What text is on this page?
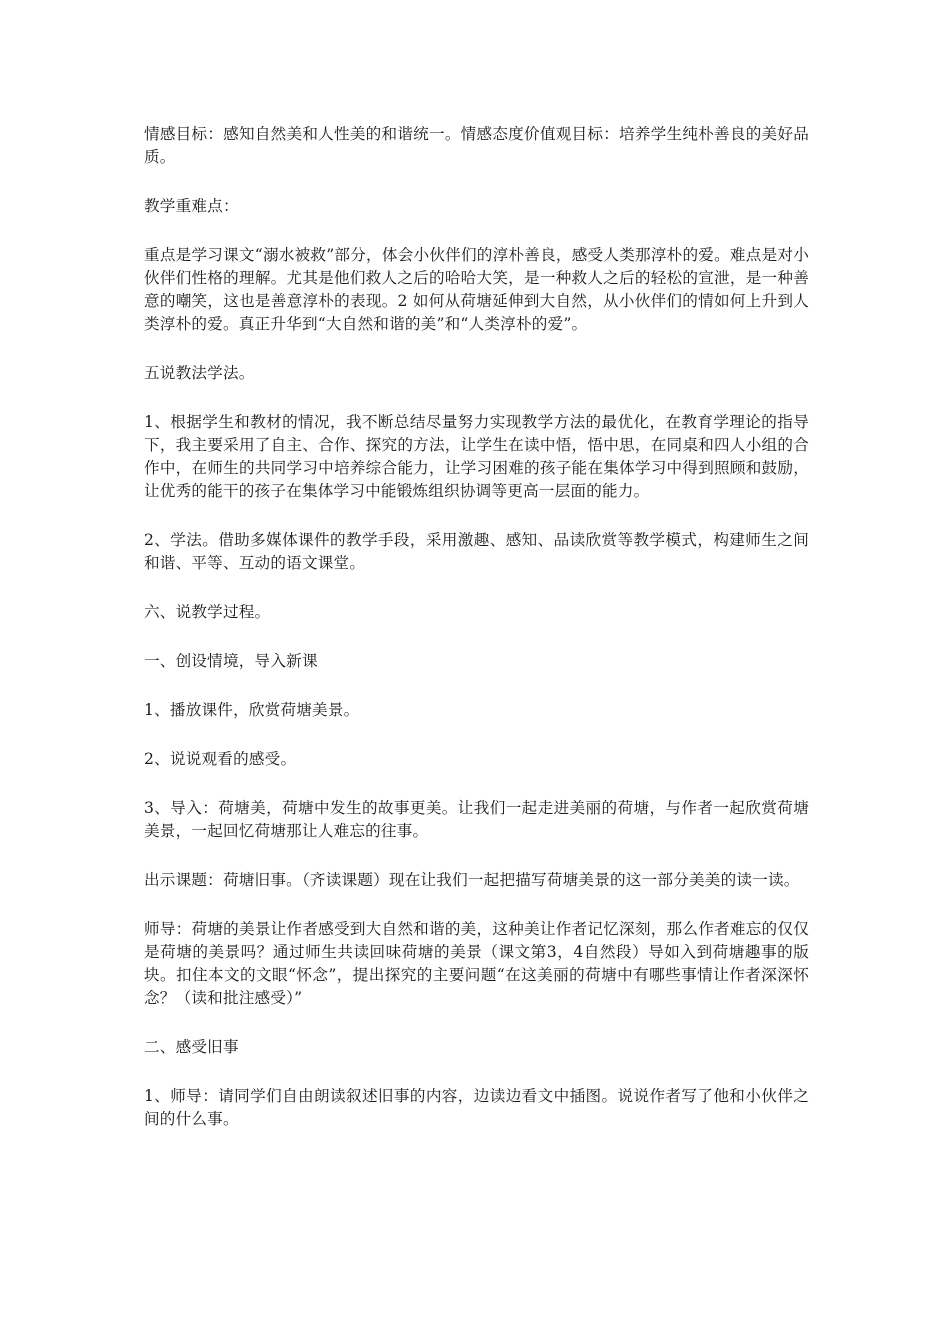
情感目标：感知自然美和人性美的和谐统一。情感态度价值观目标：培养学生纯朴善良的美好品质。

教学重难点：

重点是学习课文“溺水被救”部分，体会小伙伴们的淳朴善良，感受人类那淳朴的爱。难点是对小伙伴们性格的理解。尤其是他们救人之后的哈哈大笑，是一种救人之后的轻松的宣泄，是一种善意的嘲笑，这也是善意淳朴的表现。2 如何从荷塘延伸到大自然，从小伙伴们的情如何上升到人类淳朴的爱。真正升华到“大自然和谐的美”和“人类淳朴的爱”。

五说教法学法。

1、根据学生和教材的情况，我不断总结尽量努力实现教学方法的最优化，在教育学理论的指导下，我主要采用了自主、合作、探究的方法，让学生在读中悟，悟中思，在同桌和四人小组的合作中，在师生的共同学习中培养综合能力，让学习困难的孩子能在集体学习中得到照顾和鼓励，让优秀的能干的孩子在集体学习中能锻炼组织协调等更高一层面的能力。

2、学法。借助多媒体课件的教学手段，采用激趣、感知、品读欣赏等教学模式，构建师生之间和谐、平等、互动的语文课堂。

六、说教学过程。

一、创设情境，导入新课

1、播放课件，欣赏荷塘美景。

2、说说观看的感受。

3、导入：荷塘美，荷塘中发生的故事更美。让我们一起走进美丽的荷塘，与作者一起欣赏荷塘美景，一起回忆荷塘那让人难忘的往事。

出示课题：荷塘旧事。（齐读课题）现在让我们一起把描写荷塘美景的这一部分美美的读一读。

师导：荷塘的美景让作者感受到大自然和谐的美，这种美让作者记忆深刻，那么作者难忘的仅仅是荷塘的美景吗？通过师生共读回味荷塘的美景（课文第3，4自然段）导如入到荷塘趣事的版块。扣住本文的文眼“怀念”，提出探究的主要问题“在这美丽的荷塘中有哪些事情让作者深深怀念？（读和批注感受）”

二、感受旧事

1、师导：请同学们自由朗读叙述旧事的内容，边读边看文中插图。说说作者写了他和小伙伴之间的什么事。
